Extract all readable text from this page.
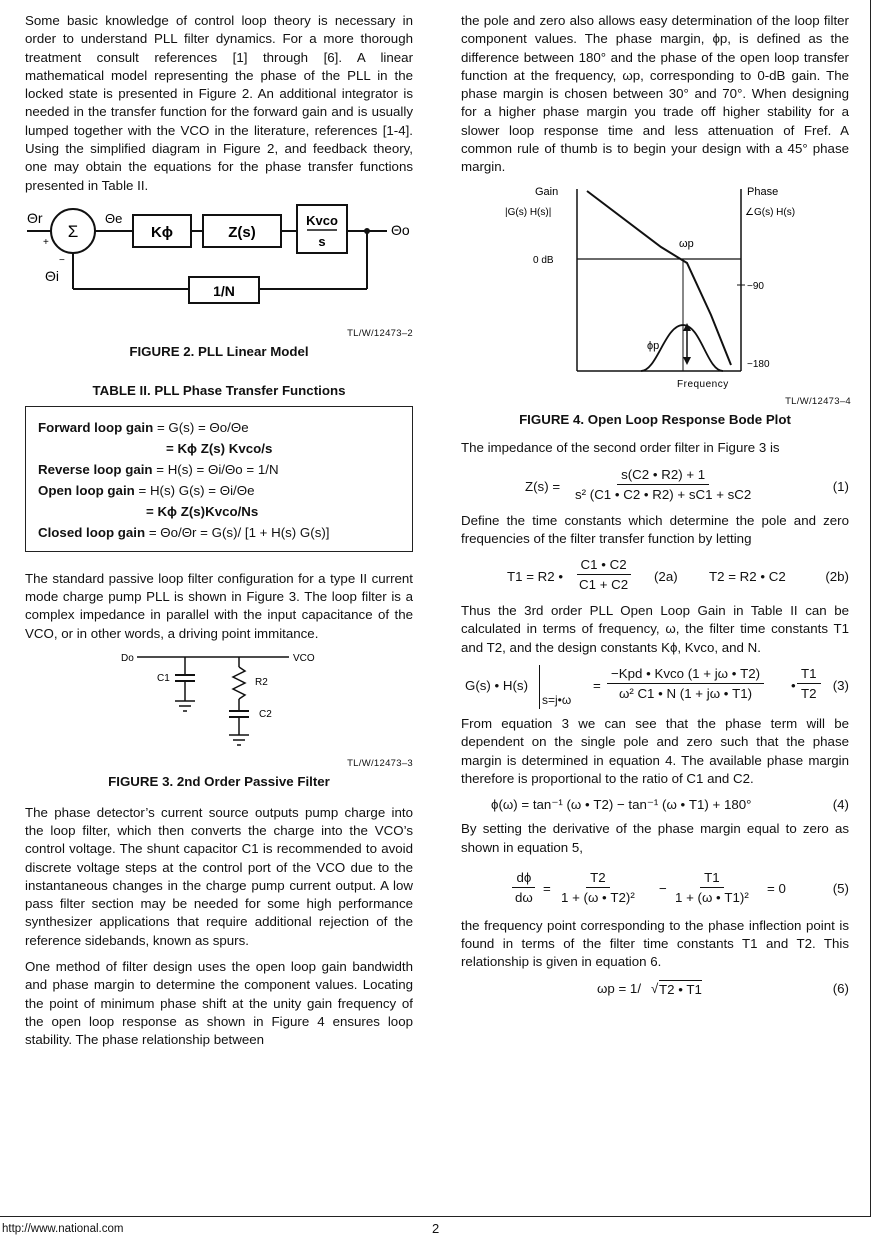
Some basic knowledge of control loop theory is necessary in order to understand PLL filter dynamics. For a more thorough treatment consult references [1] through [6]. A linear mathematical model representing the phase of the PLL in the locked state is presented in Figure 2. An additional integrator is needed in the transfer function for the forward gain and is usually lumped together with the VCO in the literature, references [1-4]. Using the simplified diagram in Figure 2, and feedback theory, one may obtain the equations for the phase transfer functions presented in Table II.

Σ
Θr
+
−
Θi
Θe
Kϕ	Z(s)
Kvco
s
Θo
1/N
TL/W/12473–2

FIGURE 2. PLL Linear Model

TABLE II. PLL Phase Transfer Functions

Forward loop gain = G(s) = Θo/Θe
= Kϕ Z(s) Kvco/s
Reverse loop gain = H(s) = Θi/Θo = 1/N
Open loop gain = H(s) G(s) = Θi/Θe
= Kϕ Z(s)Kvco/Ns
Closed loop gain = Θo/Θr = G(s)/ [1 + H(s) G(s)]

The standard passive loop filter configuration for a type II current mode charge pump PLL is shown in Figure 3. The loop filter is a complex impedance in parallel with the input capacitance of the VCO, or in other words, a driving point immitance.

Do	VCO
C1	R2
C2
TL/W/12473–3

FIGURE 3. 2nd Order Passive Filter

The phase detector’s current source outputs pump charge into the loop filter, which then converts the charge into the VCO’s control voltage. The shunt capacitor C1 is recommended to avoid discrete voltage steps at the control port of the VCO due to the instantaneous changes in the charge pump current output. A low pass filter section may be needed for some high performance synthesizer applications that require additional rejection of the reference sidebands, known as spurs.

One method of filter design uses the open loop gain bandwidth and phase margin to determine the component values. Locating the point of minimum phase shift at the unity gain frequency of the open loop response as shown in Figure 4 ensures loop stability. The phase relationship between

the pole and zero also allows easy determination of the loop filter component values. The phase margin, ϕp, is defined as the difference between 180° and the phase of the open loop transfer function at the frequency, ωp, corresponding to 0-dB gain. The phase margin is chosen between 30° and 70°. When designing for a higher phase margin you trade off higher stability for a slower loop response time and less attenuation of Fref. A common rule of thumb is to begin your design with a 45° phase margin.

Gain
|G(s) H(s)|
Phase
∠G(s) H(s)
0 dB
−90
−180
ωp
ϕp
Frequency
TL/W/12473–4

FIGURE 4. Open Loop Response Bode Plot

The impedance of the second order filter in Figure 3 is

$Z(s) = \frac{s(C2 • R2) + 1}{\text{s² (C1 • C2 • R2) + sC1 + sC2}}$	(1)

Define the time constants which determine the pole and zero frequencies of the filter transfer function by letting

T1 = R2 • $\frac{C1 • C2}{C1 + C2} (2a) T2 = R2$ • C2	(2b)

Thus the 3rd order PLL Open Loop Gain in Table II can be calculated in terms of frequency, ω, the filter time constants T1 and T2, and the design constants Kϕ, Kvco, and N.

G(s) • H(s)
s=j•ω
=
−Kpd • Kvco (1 + jω • T2)
ω² C1 • N (1 + jω • T1)
• $\frac{T1}{T2} (3)$

From equation 3 we can see that the phase term will be dependent on the single pole and zero such that the phase margin is determined in equation 4. The available phase margin therefore is proportional to the ratio of C1 and C2.

ϕ(ω) = tan⁻¹ (ω • T2) − tan⁻¹ (ω • T1) + 180°	(4)

By setting the derivative of the phase margin equal to zero as shown in equation 5,

$\frac{d\phi}{d\omega} = \frac{T2}{\text{1 + (ω • T2)²}} - \frac{T1}{\text{1 + (ω • T1)²}} = 0$	(5)

the frequency point corresponding to the phase inflection point is found in terms of the filter time constants T1 and T2. This relationship is given in equation 6.

ωp = 1/ √ T2 • T1	(6)
http://www.national.com	2
